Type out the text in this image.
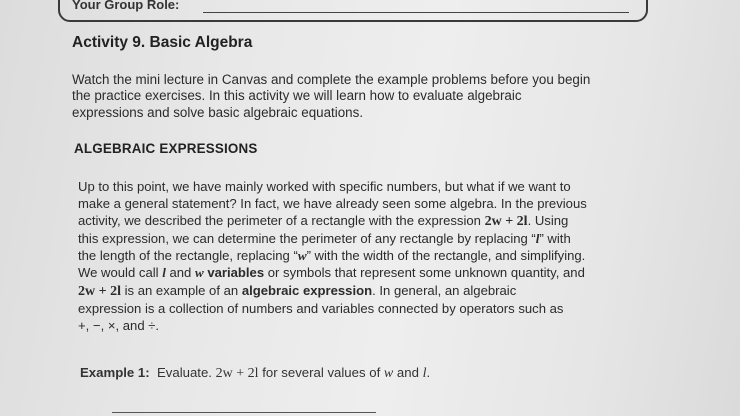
Your Group Role:
Activity 9. Basic Algebra
Watch the mini lecture in Canvas and complete the example problems before you begin
the practice exercises. In this activity we will learn how to evaluate algebraic
expressions and solve basic algebraic equations.
ALGEBRAIC EXPRESSIONS
Up to this point, we have mainly worked with specific numbers, but what if we want to
make a general statement? In fact, we have already seen some algebra. In the previous
activity, we described the perimeter of a rectangle with the expression 2w + 2l. Using
this expression, we can determine the perimeter of any rectangle by replacing “l” with
the length of the rectangle, replacing “w” with the width of the rectangle, and simplifying.
We would call l and w variables or symbols that represent some unknown quantity, and
2w + 2l is an example of an algebraic expression. In general, an algebraic
expression is a collection of numbers and variables connected by operators such as
+, −, ×, and ÷.
Example 1: Evaluate. 2w + 2l for several values of w and l.
